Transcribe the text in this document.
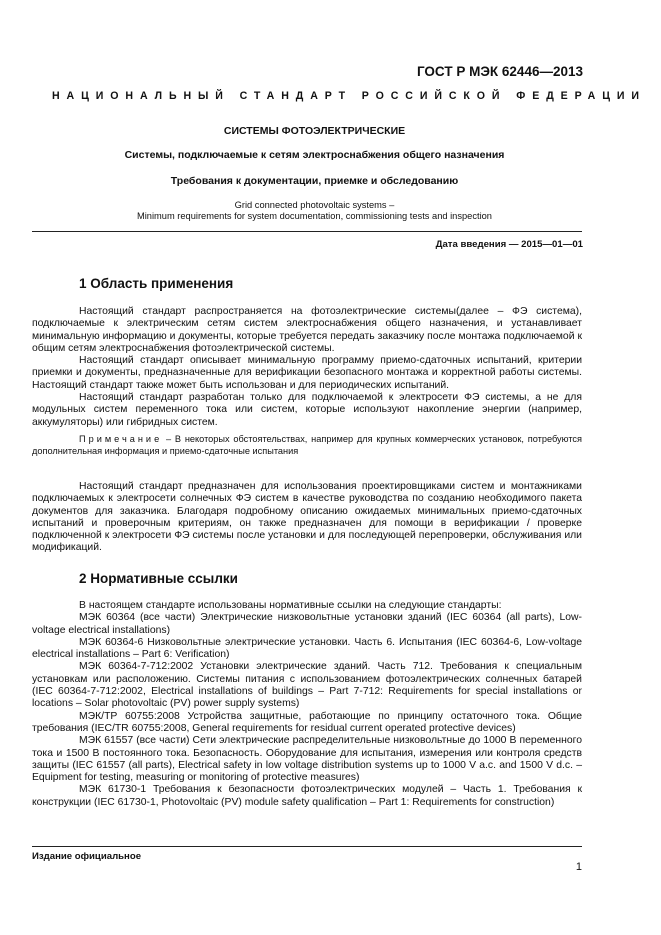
ГОСТ Р МЭК 62446—2013
НАЦИОНАЛЬНЫЙ СТАНДАРТ РОССИЙСКОЙ ФЕДЕРАЦИИ
СИСТЕМЫ ФОТОЭЛЕКТРИЧЕСКИЕ
Системы, подключаемые к сетям электроснабжения общего назначения
Требования к документации, приемке и обследованию
Grid connected photovoltaic systems –
Minimum requirements for system documentation, commissioning tests and inspection
Дата введения — 2015—01—01
1 Область применения

Настоящий стандарт распространяется на фотоэлектрические системы(далее – ФЭ система), подключаемые к электрическим сетям систем электроснабжения общего назначения, и устанавливает минимальную информацию и документы, которые требуется передать заказчику после монтажа подключаемой к общим сетям электроснабжения фотоэлектрической системы.

Настоящий стандарт описывает минимальную программу приемо-сдаточных испытаний, критерии приемки и документы, предназначенные для верификации безопасного монтажа и корректной работы системы. Настоящий стандарт также может быть использован и для периодических испытаний.

Настоящий стандарт разработан только для подключаемой к электросети ФЭ системы, а не для модульных систем переменного тока или систем, которые используют накопление энергии (например, аккумуляторы) или гибридных систем.

Примечание – В некоторых обстоятельствах, например для крупных коммерческих установок, потребуются дополнительная информация и приемо-сдаточные испытания

Настоящий стандарт предназначен для использования проектировщиками систем и монтажниками подключаемых к электросети солнечных ФЭ систем в качестве руководства по созданию необходимого пакета документов для заказчика. Благодаря подробному описанию ожидаемых минимальных приемо-сдаточных испытаний и проверочным критериям, он также предназначен для помощи в верификации / проверке подключенной к электросети ФЭ системы после установки и для последующей перепроверки, обслуживания или модификаций.

2 Нормативные ссылки

В настоящем стандарте использованы нормативные ссылки на следующие стандарты:

МЭК 60364 (все части) Электрические низковольтные установки зданий (IEC 60364 (all parts), Low-voltage electrical installations)

МЭК 60364-6 Низковольтные электрические установки. Часть 6. Испытания (IEC 60364-6, Low-voltage electrical installations – Part 6: Verification)

МЭК 60364-7-712:2002 Установки электрические зданий. Часть 712. Требования к специальным установкам или расположению. Системы питания с использованием фотоэлектрических солнечных батарей (IEC 60364-7-712:2002, Electrical installations of buildings – Part 7-712: Requirements for special installations or locations – Solar photovoltaic (PV) power supply systems)

МЭК/TP 60755:2008 Устройства защитные, работающие по принципу остаточного тока. Общие требования (IEC/TR 60755:2008, General requirements for residual current operated protective devices)

МЭК 61557 (все части) Сети электрические распределительные низковольтные до 1000 В переменного тока и 1500 В постоянного тока. Безопасность. Оборудование для испытания, измерения или контроля средств защиты (IEC 61557 (all parts), Electrical safety in low voltage distribution systems up to 1000 V a.c. and 1500 V d.c. – Equipment for testing, measuring or monitoring of protective measures)

МЭК 61730-1 Требования к безопасности фотоэлектрических модулей – Часть 1. Требования к конструкции (IEC 61730-1, Photovoltaic (PV) module safety qualification – Part 1: Requirements for construction)

Издание официальное
1
